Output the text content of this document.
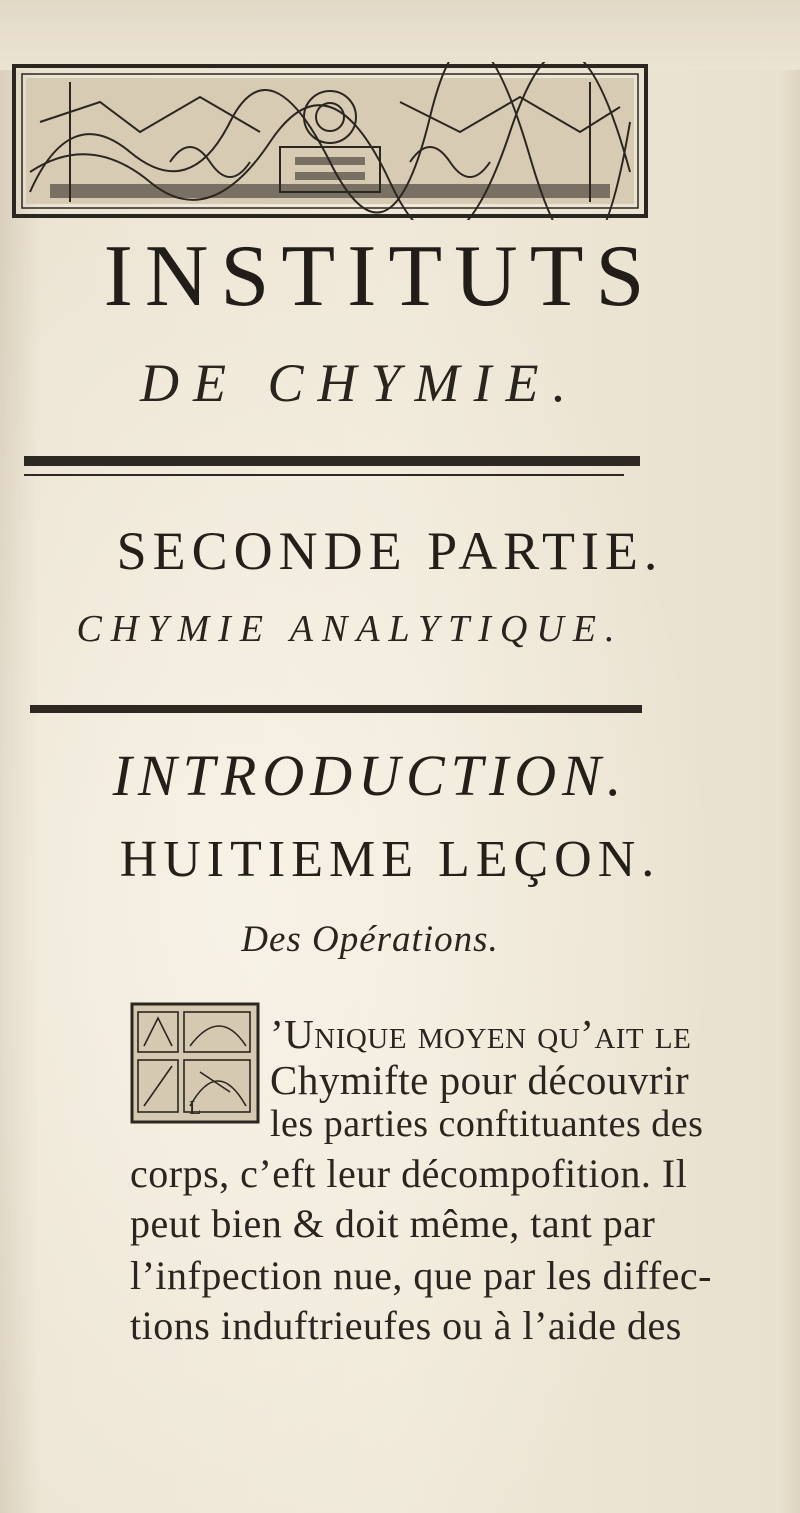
INSTITUTS
DE CHYMIE.
SECONDE PARTIE.
CHYMIE ANALYTIQUE.
INTRODUCTION.
HUITIEME LEÇON.
Des Opérations.
L
’Unique moyen qu’ait le
Chymifte pour découvrir
les parties conftituantes des
corps, c’eft leur décompofition. Il
peut bien & doit même, tant par
l’infpection nue, que par les diffec-
tions induftrieufes ou à l’aide des
